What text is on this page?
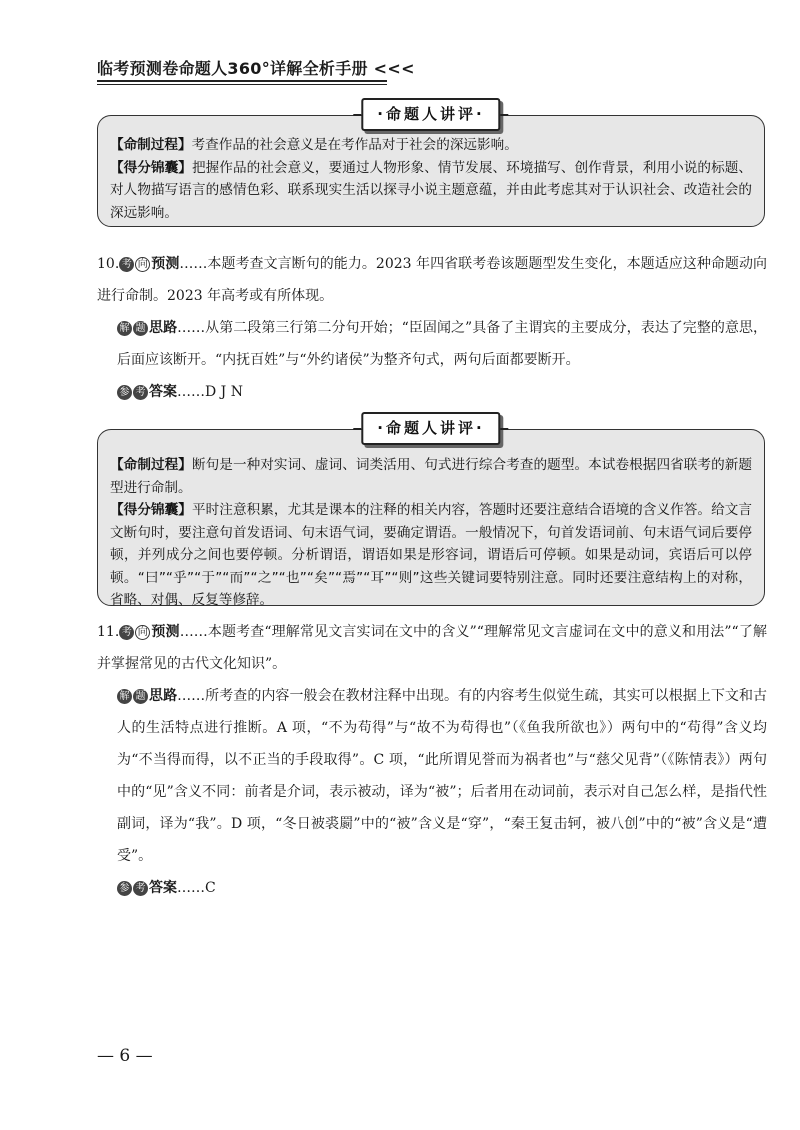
临考预测卷命题人360°详解全析手册 <<<
·命题人讲评·

【命制过程】考查作品的社会意义是在考作品对于社会的深远影响。

【得分锦囊】把握作品的社会意义，要通过人物形象、情节发展、环境描写、创作背景，利用小说的标题、对人物描写语言的感情色彩、联系现实生活以探寻小说主题意蕴，并由此考虑其对于认识社会、改造社会的深远影响。

10. 考 向 预测……本题考查文言断句的能力。2023 年四省联考卷该题题型发生变化，本题适应这种命题动向进行命制。2023 年高考或有所体现。

解 题 思路……从第二段第三行第二分句开始；“臣固闻之”具备了主谓宾的主要成分，表达了完整的意思，后面应该断开。“内抚百姓”与“外约诸侯”为整齐句式，两句后面都要断开。

参 考 答案……D J N

·命题人讲评·

【命制过程】断句是一种对实词、虚词、词类活用、句式进行综合考查的题型。本试卷根据四省联考的新题型进行命制。

【得分锦囊】平时注意积累，尤其是课本的注释的相关内容，答题时还要注意结合语境的含义作答。给文言文断句时，要注意句首发语词、句末语气词，要确定谓语。一般情况下，句首发语词前、句末语气词后要停顿，并列成分之间也要停顿。分析谓语，谓语如果是形容词，谓语后可停顿。如果是动词，宾语后可以停顿。“曰”“乎”“于”“而”“之”“也”“矣”“焉”“耳”“则”这些关键词要特别注意。同时还要注意结构上的对称，省略、对偶、反复等修辞。

11. 考 向 预测……本题考查“理解常见文言实词在文中的含义”“理解常见文言虚词在文中的意义和用法”“了解并掌握常见的古代文化知识”。

解 题 思路……所考查的内容一般会在教材注释中出现。有的内容考生似觉生疏，其实可以根据上下文和古人的生活特点进行推断。A 项，“不为苟得”与“故不为苟得也”（《鱼我所欲也》）两句中的“苟得”含义均为“不当得而得，以不正当的手段取得”。C 项，“此所谓见誉而为祸者也”与“慈父见背”（《陈情表》）两句中的“见”含义不同：前者是介词，表示被动，译为“被”；后者用在动词前，表示对自己怎么样，是指代性副词，译为“我”。D 项，“冬日被裘罽”中的“被”含义是“穿”，“秦王复击轲，被八创”中的“被”含义是“遭受”。

参 考 答案……C

— 6 —
